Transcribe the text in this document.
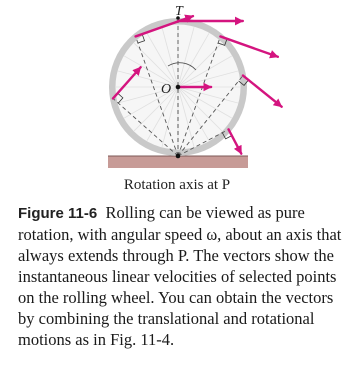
T
O
Rotation axis at P
Figure 11-6 Rolling can be viewed as pure rotation, with angular speed ω, about an axis that always extends through P. The vectors show the instantaneous linear velocities of selected points on the rolling wheel. You can obtain the vectors by combining the translational and rotational motions as in Fig. 11-4.
